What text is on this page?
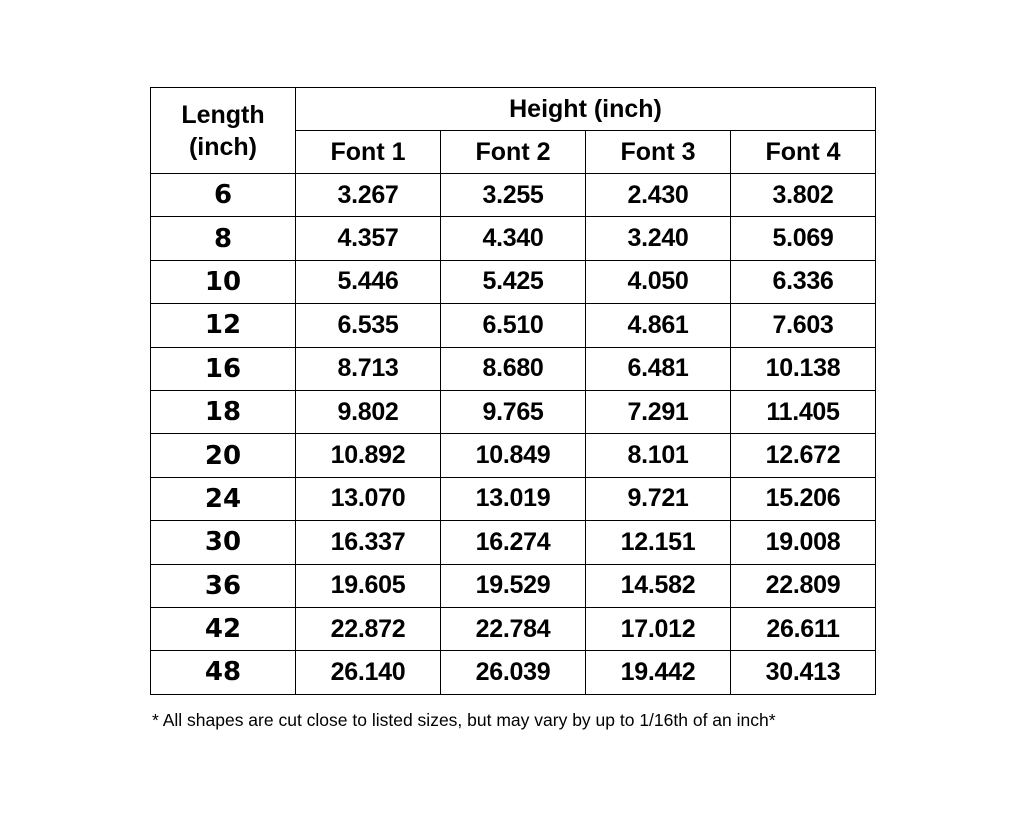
Length
(inch)	Height (inch)			
	Font 1	Font 2	Font 3	Font 4
6	3.267	3.255	2.430	3.802
8	4.357	4.340	3.240	5.069
10	5.446	5.425	4.050	6.336
12	6.535	6.510	4.861	7.603
16	8.713	8.680	6.481	10.138
18	9.802	9.765	7.291	11.405
20	10.892	10.849	8.101	12.672
24	13.070	13.019	9.721	15.206
30	16.337	16.274	12.151	19.008
36	19.605	19.529	14.582	22.809
42	22.872	22.784	17.012	26.611
48	26.140	26.039	19.442	30.413
* All shapes are cut close to listed sizes, but may vary by up to 1/16th of an inch*
